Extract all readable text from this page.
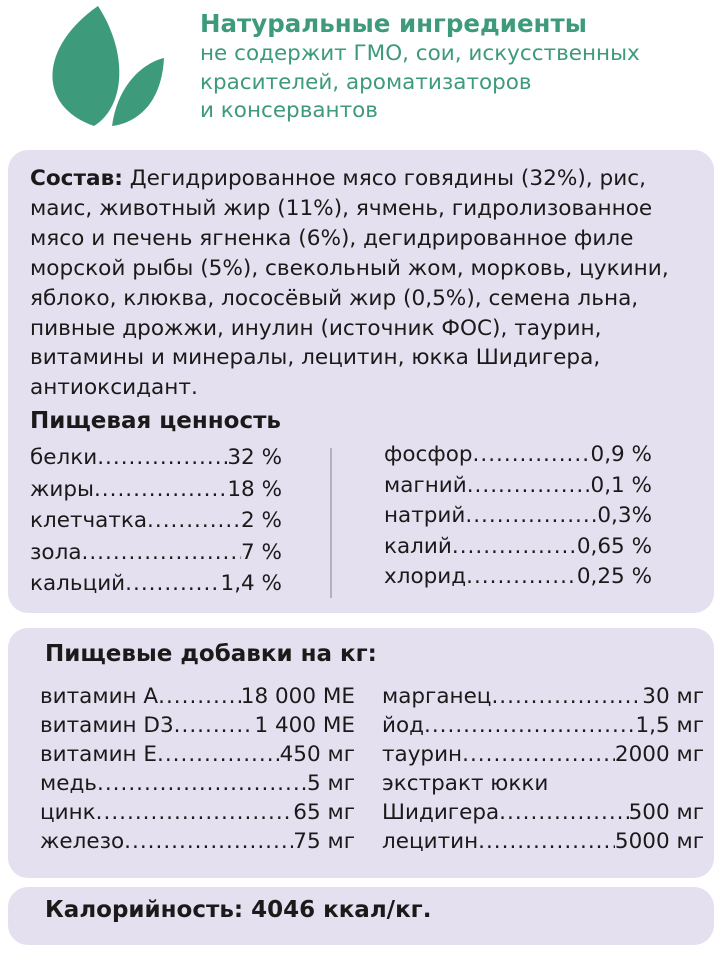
Натуральные ингредиенты
не содержит ГМО, сои, искусственных
красителей, ароматизаторов
и консервантов
Состав: Дегидрированное мясо говядины (32%), рис, маис, животный жир (11%), ячмень, гидролизованное мясо и печень ягненка (6%), дегидрированное филе морской рыбы (5%), свекольный жом, морковь, цукини, яблоко, клюква, лососёвый жир (0,5%), семена льна, пивные дрожжи, инулин (источник ФОС), таурин, витамины и минералы, лецитин, юкка Шидигера, антиоксидант.
Пищевая ценность
белки .....	32 %
жиры .....	18 %
клетчатка .....	2 %
зола .....	7 %
кальций .....	1,4 %
фосфор .....	0,9 %
магний .....	0,1 %
натрий .....	0,3%
калий .....	0,65 %
хлорид .....	0,25 %
Пищевые добавки на кг:
витамин А .....	18 000 МЕ
витамин D3 .....	1 400 МЕ
витамин Е .....	450 мг
медь .....	5 мг
цинк .....	65 мг
железо .....	75 мг
марганец .....	30 мг
йод .....	1,5 мг
таурин .....	2000 мг
экстракт юкки
Шидигера .....	500 мг
лецитин .....	5000 мг
Калорийность: 4046 ккал/кг.
